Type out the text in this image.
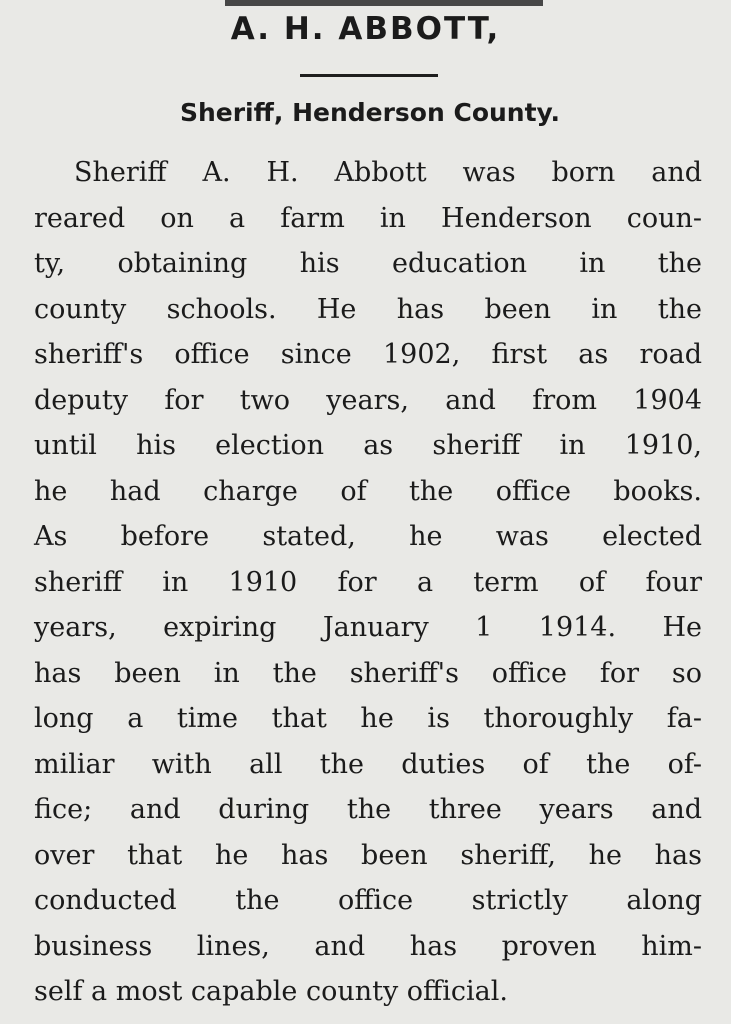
A. H. ABBOTT,
Sheriff, Henderson County.
Sheriff A. H. Abbott was born and
reared on a farm in Henderson coun-
ty, obtaining his education in the
county schools. He has been in the
sheriff's office since 1902, first as road
deputy for two years, and from 1904
until his election as sheriff in 1910,
he had charge of the office books.
As before stated, he was elected
sheriff in 1910 for a term of four
years, expiring January 1 1914. He
has been in the sheriff's office for so
long a time that he is thoroughly fa-
miliar with all the duties of the of-
fice; and during the three years and
over that he has been sheriff, he has
conducted the office strictly along
business lines, and has proven him-
self a most capable county official.
